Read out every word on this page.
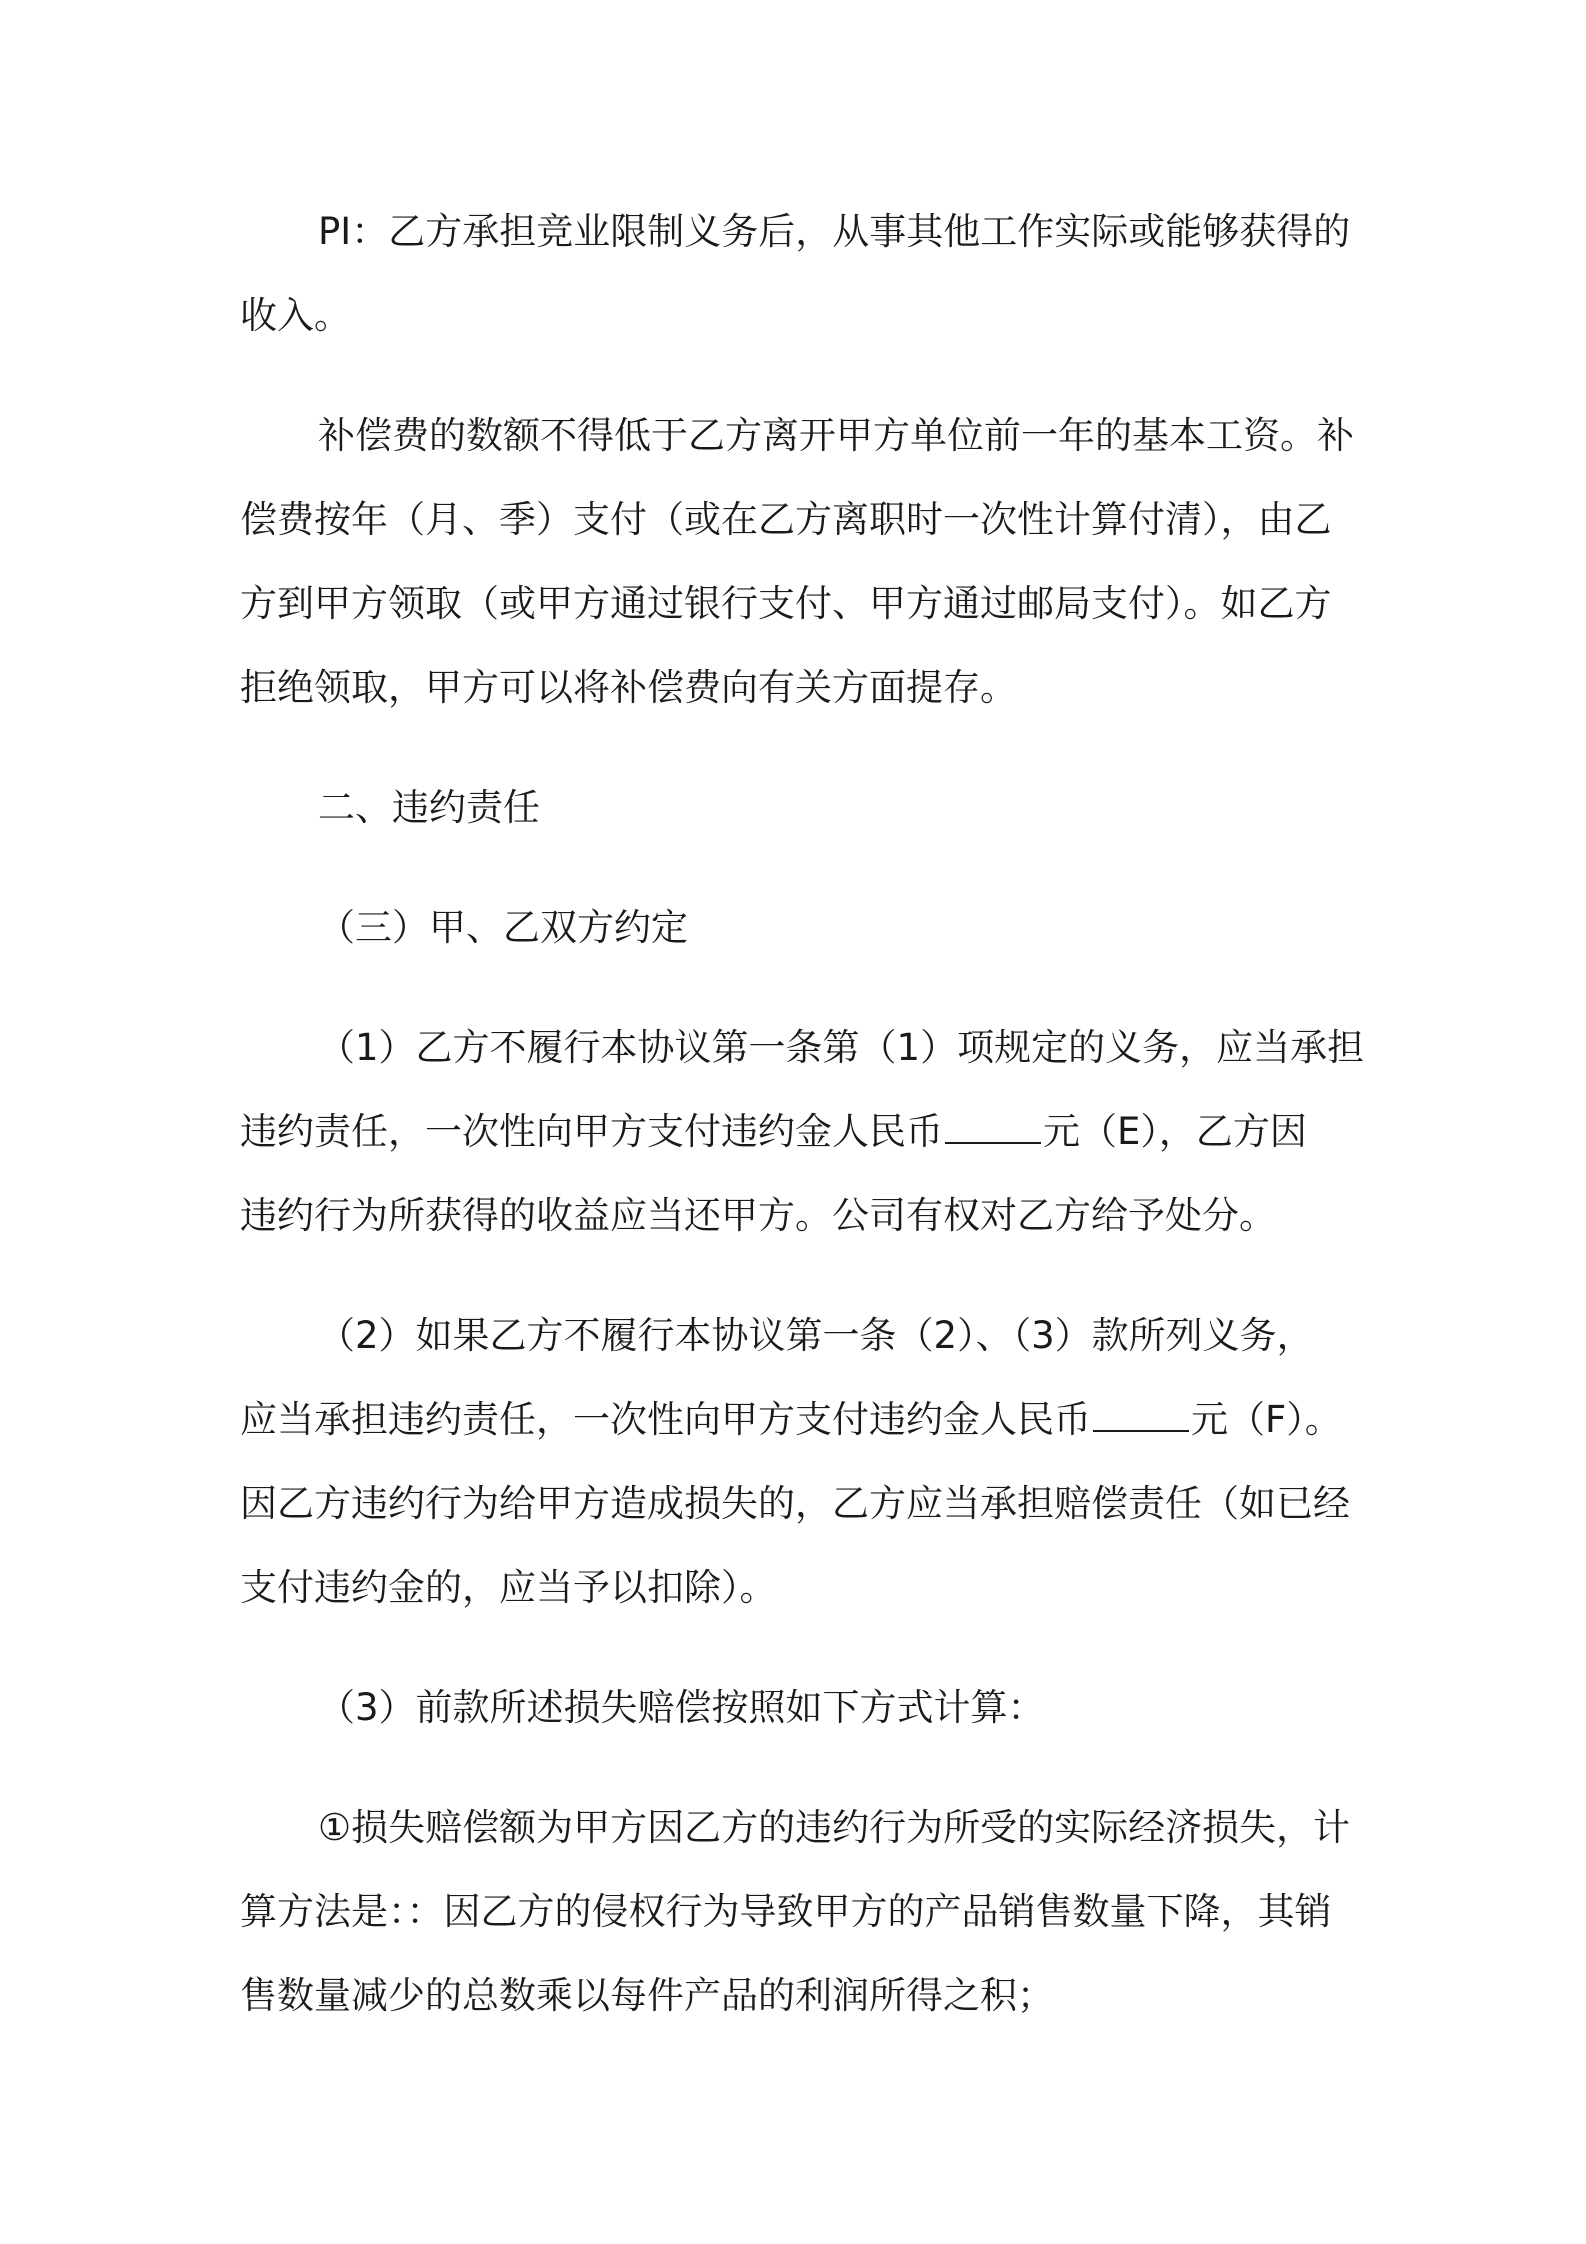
PI：乙方承担竞业限制义务后，从事其他工作实际或能够获得的
收入。

补偿费的数额不得低于乙方离开甲方单位前一年的基本工资。补
偿费按年（月、季）支付（或在乙方离职时一次性计算付清），由乙
方到甲方领取（或甲方通过银行支付、甲方通过邮局支付）。如乙方
拒绝领取，甲方可以将补偿费向有关方面提存。

二、违约责任
（三）甲、乙双方约定

（1）乙方不履行本协议第一条第（1）项规定的义务，应当承担
违约责任，一次性向甲方支付违约金人民币	元（E），乙方因
违约行为所获得的收益应当还甲方。公司有权对乙方给予处分。

（2）如果乙方不履行本协议第一条（2）、（3）款所列义务，
应当承担违约责任，一次性向甲方支付违约金人民币	元（F）。
因乙方违约行为给甲方造成损失的，乙方应当承担赔偿责任（如已经
支付违约金的，应当予以扣除）。

（3）前款所述损失赔偿按照如下方式计算：

①损失赔偿额为甲方因乙方的违约行为所受的实际经济损失，计
算方法是：：因乙方的侵权行为导致甲方的产品销售数量下降，其销
售数量减少的总数乘以每件产品的利润所得之积；
